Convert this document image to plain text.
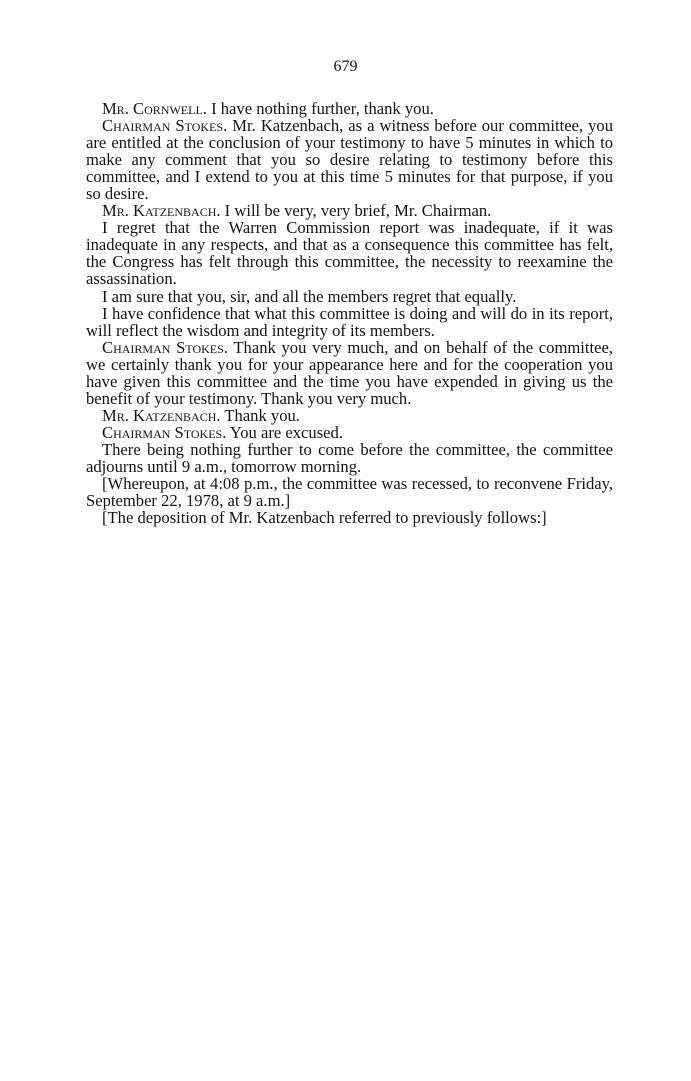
679

Mr. Cornwell. I have nothing further, thank you.

Chairman Stokes. Mr. Katzenbach, as a witness before our committee, you are entitled at the conclusion of your testimony to have 5 minutes in which to make any comment that you so desire relating to testimony before this committee, and I extend to you at this time 5 minutes for that purpose, if you so desire.

Mr. Katzenbach. I will be very, very brief, Mr. Chairman.

I regret that the Warren Commission report was inadequate, if it was inadequate in any respects, and that as a consequence this committee has felt, the Congress has felt through this committee, the necessity to reexamine the assassination.

I am sure that you, sir, and all the members regret that equally.

I have confidence that what this committee is doing and will do in its report, will reflect the wisdom and integrity of its members.

Chairman Stokes. Thank you very much, and on behalf of the committee, we certainly thank you for your appearance here and for the cooperation you have given this committee and the time you have expended in giving us the benefit of your testimony. Thank you very much.

Mr. Katzenbach. Thank you.

Chairman Stokes. You are excused.

There being nothing further to come before the committee, the committee adjourns until 9 a.m., tomorrow morning.

[Whereupon, at 4:08 p.m., the committee was recessed, to reconvene Friday, September 22, 1978, at 9 a.m.]

[The deposition of Mr. Katzenbach referred to previously follows:]
